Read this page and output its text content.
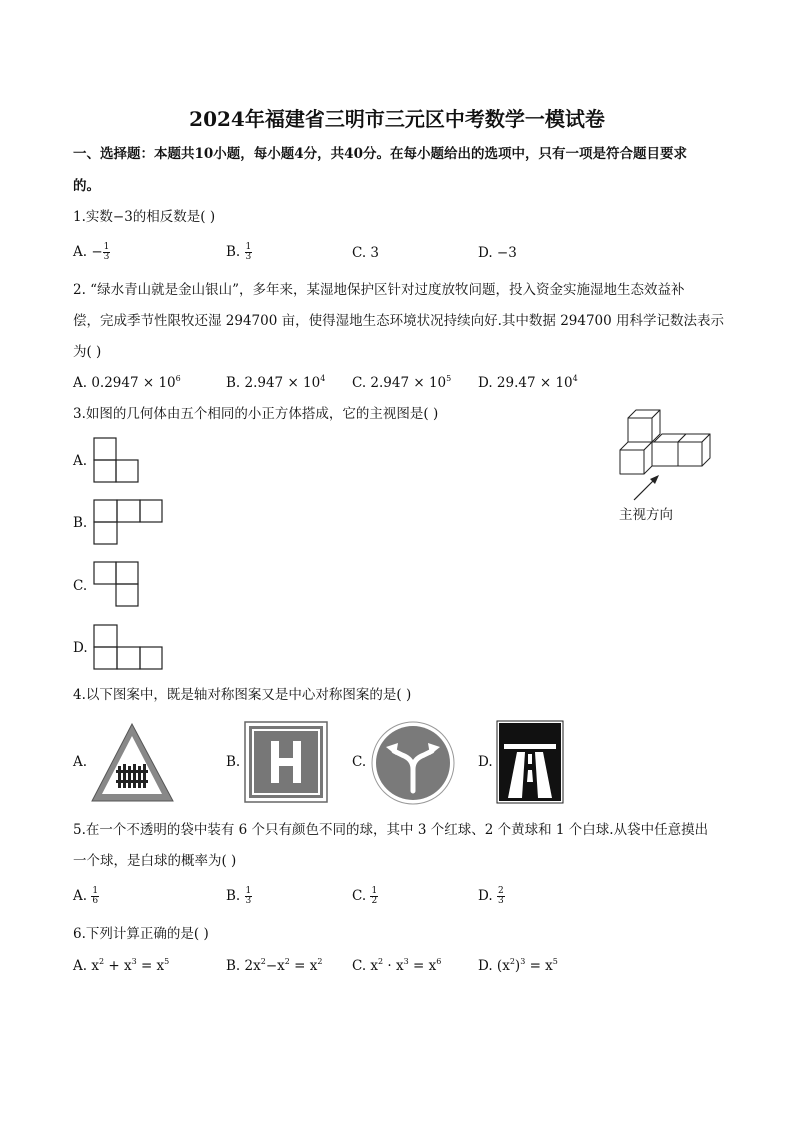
2024年福建省三明市三元区中考数学一模试卷
一、选择题：本题共10小题，每小题4分，共40分。在每小题给出的选项中，只有一项是符合题目要求
的。
1.实数−3的相反数是( )
A. − $\frac{1}{3}$	B. $\frac{1}{3}$	C. 3	D. −3
2. “绿水青山就是金山银山”，多年来，某湿地保护区针对过度放牧问题，投入资金实施湿地生态效益补
偿，完成季节性限牧还湿 294700 亩，使得湿地生态环境状况持续向好.其中数据 294700 用科学记数法表示
为( )
A. $0.2947 \times 10^6$	B. $2.947 \times 10^4$ C. $2.947 \times 10^5$ D. $29.47 \times 10^4$
3.如图的几何体由五个相同的小正方体搭成，它的主视图是( )
A.
B.
C.
D.
主视方向
4.以下图案中，既是轴对称图案又是中心对称图案的是( )
A.	B.	C.	D.
5.在一个不透明的袋中装有 6 个只有颜色不同的球，其中 3 个红球、2 个黄球和 1 个白球.从袋中任意摸出
一个球，是白球的概率为( )
A. $\frac{1}{6}$	B. $\frac{1}{3}$	C. $\frac{1}{2}$	D. $\frac{2}{3}$
6.下列计算正确的是( )
A. $x^2 + x^3 = x^5$	B. $2x^2-x^2 = x^2$ C. $x^2 \cdot x^3 = x^6$	D. $(x^2)^3 = x^5$
